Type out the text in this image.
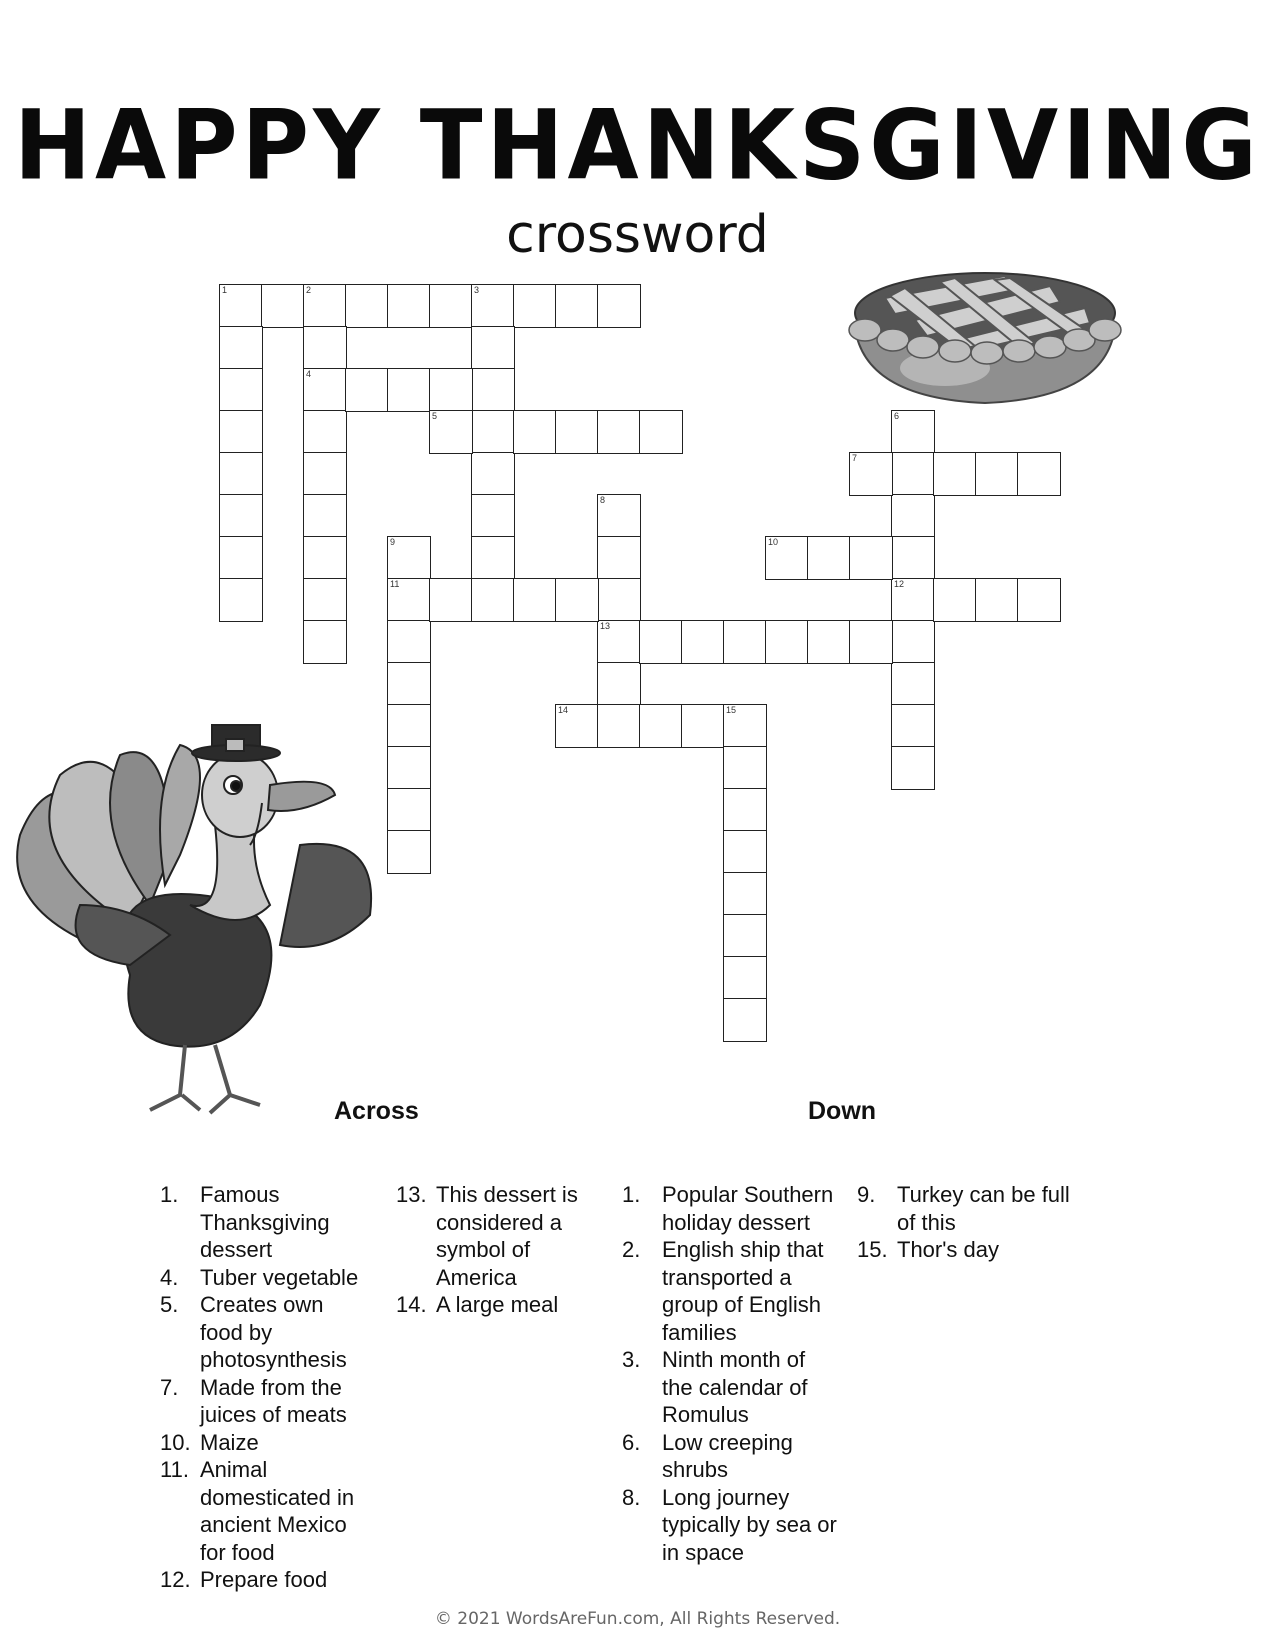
HAPPY THANKSGIVING
crossword
1	2	3
4
5	6
12
7
8
13
9
11
10
14	15
Across	Down
1. Famous Thanksgiving dessert
4. Tuber vegetable
5. Creates own food by photosynthesis
7. Made from the juices of meats
10. Maize
11. Animal domesticated in ancient Mexico for food
12. Prepare food
13. This dessert is considered a symbol of America
14. A large meal
1. Popular Southern holiday dessert
2. English ship that transported a group of English families
3. Ninth month of the calendar of Romulus
6. Low creeping shrubs
8. Long journey typically by sea or in space
9. Turkey can be full of this
15. Thor's day
© 2021 WordsAreFun.com, All Rights Reserved.
